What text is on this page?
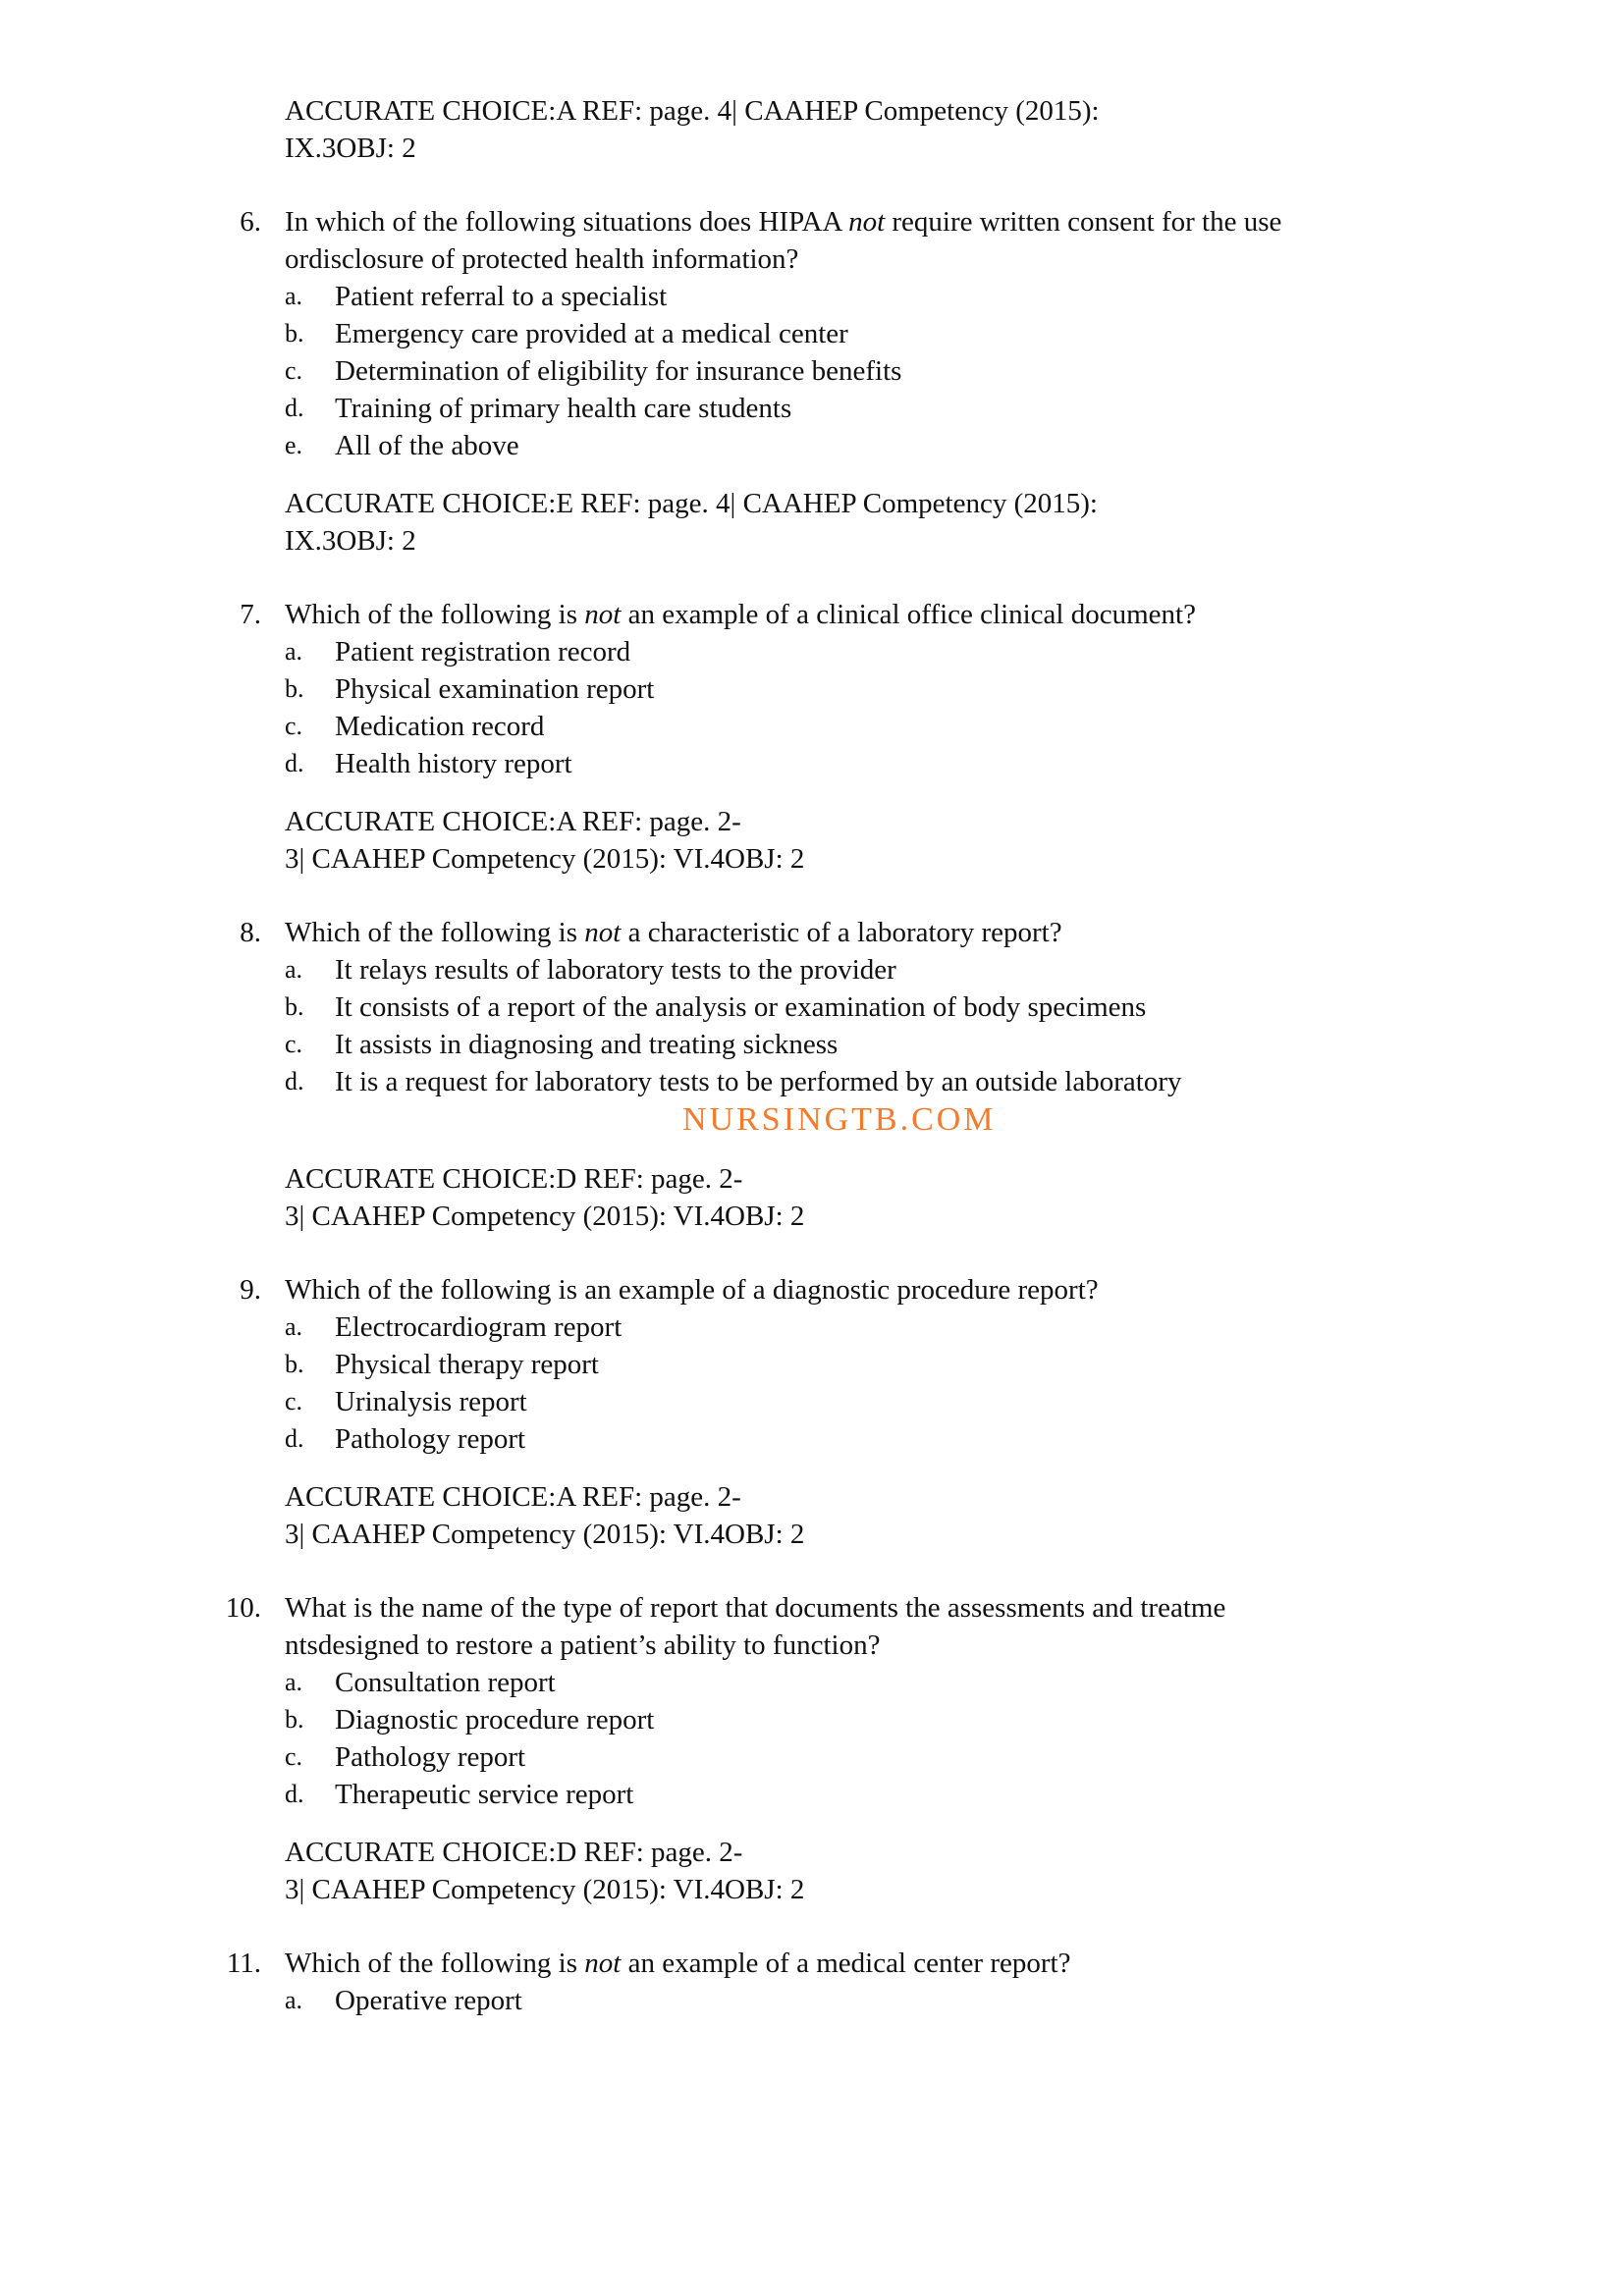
ACCURATE CHOICE:A REF: page. 4| CAAHEP Competency (2015):
IX.3OBJ: 2
6. In which of the following situations does HIPAA not require written consent for the use
ordisclosure of protected health information?
a. Patient referral to a specialist
b. Emergency care provided at a medical center
c. Determination of eligibility for insurance benefits
d. Training of primary health care students
e. All of the above
ACCURATE CHOICE:E REF: page. 4| CAAHEP Competency (2015):
IX.3OBJ: 2
7. Which of the following is not an example of a clinical office clinical document?
a. Patient registration record
b. Physical examination report
c. Medication record
d. Health history report
ACCURATE CHOICE:A REF: page. 2-
3| CAAHEP Competency (2015): VI.4OBJ: 2
8. Which of the following is not a characteristic of a laboratory report?
a. It relays results of laboratory tests to the provider
b. It consists of a report of the analysis or examination of body specimens
c. It assists in diagnosing and treating sickness
d. It is a request for laboratory tests to be performed by an outside laboratory
NURSINGTB.COM
ACCURATE CHOICE:D REF: page. 2-
3| CAAHEP Competency (2015): VI.4OBJ: 2
9. Which of the following is an example of a diagnostic procedure report?
a. Electrocardiogram report
b. Physical therapy report
c. Urinalysis report
d. Pathology report
ACCURATE CHOICE:A REF: page. 2-
3| CAAHEP Competency (2015): VI.4OBJ: 2
10. What is the name of the type of report that documents the assessments and treatme
ntsdesigned to restore a patient’s ability to function?
a. Consultation report
b. Diagnostic procedure report
c. Pathology report
d. Therapeutic service report
ACCURATE CHOICE:D REF: page. 2-
3| CAAHEP Competency (2015): VI.4OBJ: 2
11. Which of the following is not an example of a medical center report?
a. Operative report
